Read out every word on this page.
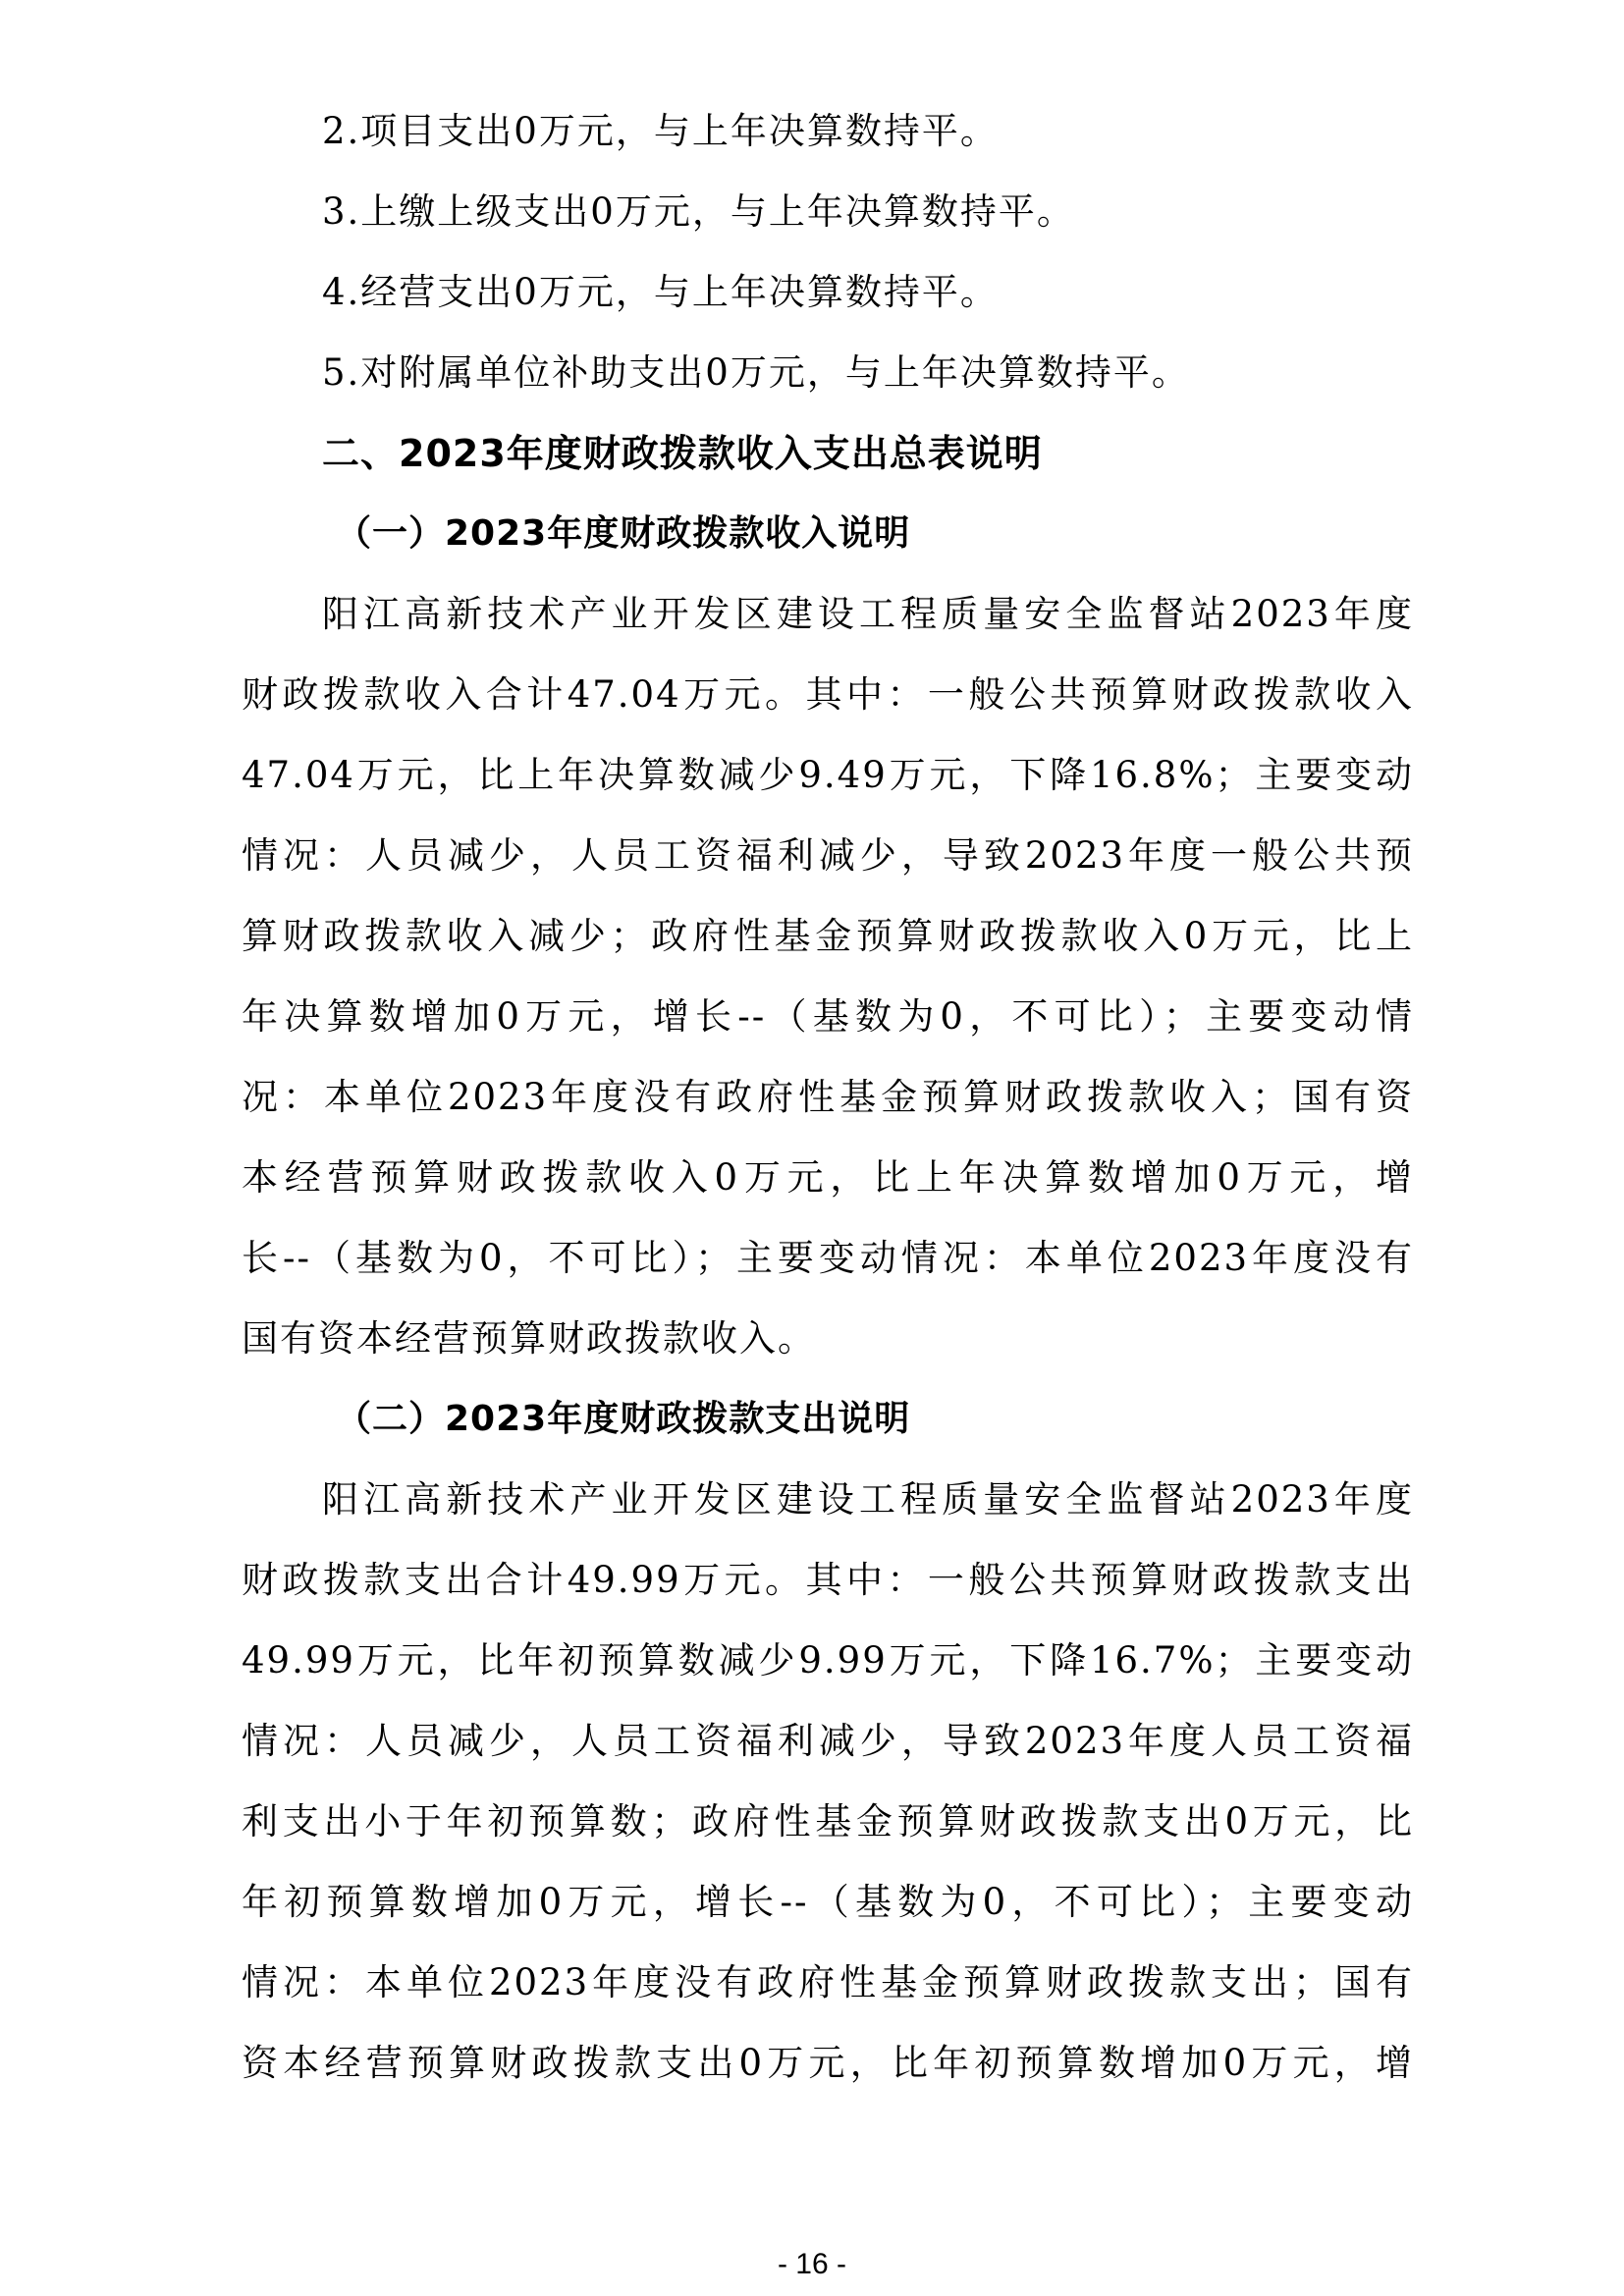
2.项目支出0万元，与上年决算数持平。
3.上缴上级支出0万元，与上年决算数持平。
4.经营支出0万元，与上年决算数持平。
5.对附属单位补助支出0万元，与上年决算数持平。
二、2023年度财政拨款收入支出总表说明
（一）2023年度财政拨款收入说明
阳江高新技术产业开发区建设工程质量安全监督站2023年度
财政拨款收入合计47.04万元。其中：一般公共预算财政拨款收入
47.04万元，比上年决算数减少9.49万元，下降16.8%；主要变动
情况：人员减少，人员工资福利减少，导致2023年度一般公共预
算财政拨款收入减少；政府性基金预算财政拨款收入0万元，比上
年决算数增加0万元，增长--（基数为0，不可比）；主要变动情
况：本单位2023年度没有政府性基金预算财政拨款收入；国有资
本经营预算财政拨款收入0万元，比上年决算数增加0万元，增
长--（基数为0，不可比）；主要变动情况：本单位2023年度没有
国有资本经营预算财政拨款收入。
（二）2023年度财政拨款支出说明
阳江高新技术产业开发区建设工程质量安全监督站2023年度
财政拨款支出合计49.99万元。其中：一般公共预算财政拨款支出
49.99万元，比年初预算数减少9.99万元，下降16.7%；主要变动
情况：人员减少，人员工资福利减少，导致2023年度人员工资福
利支出小于年初预算数；政府性基金预算财政拨款支出0万元，比
年初预算数增加0万元，增长--（基数为0，不可比）；主要变动
情况：本单位2023年度没有政府性基金预算财政拨款支出；国有
资本经营预算财政拨款支出0万元，比年初预算数增加0万元，增
- 16 -
